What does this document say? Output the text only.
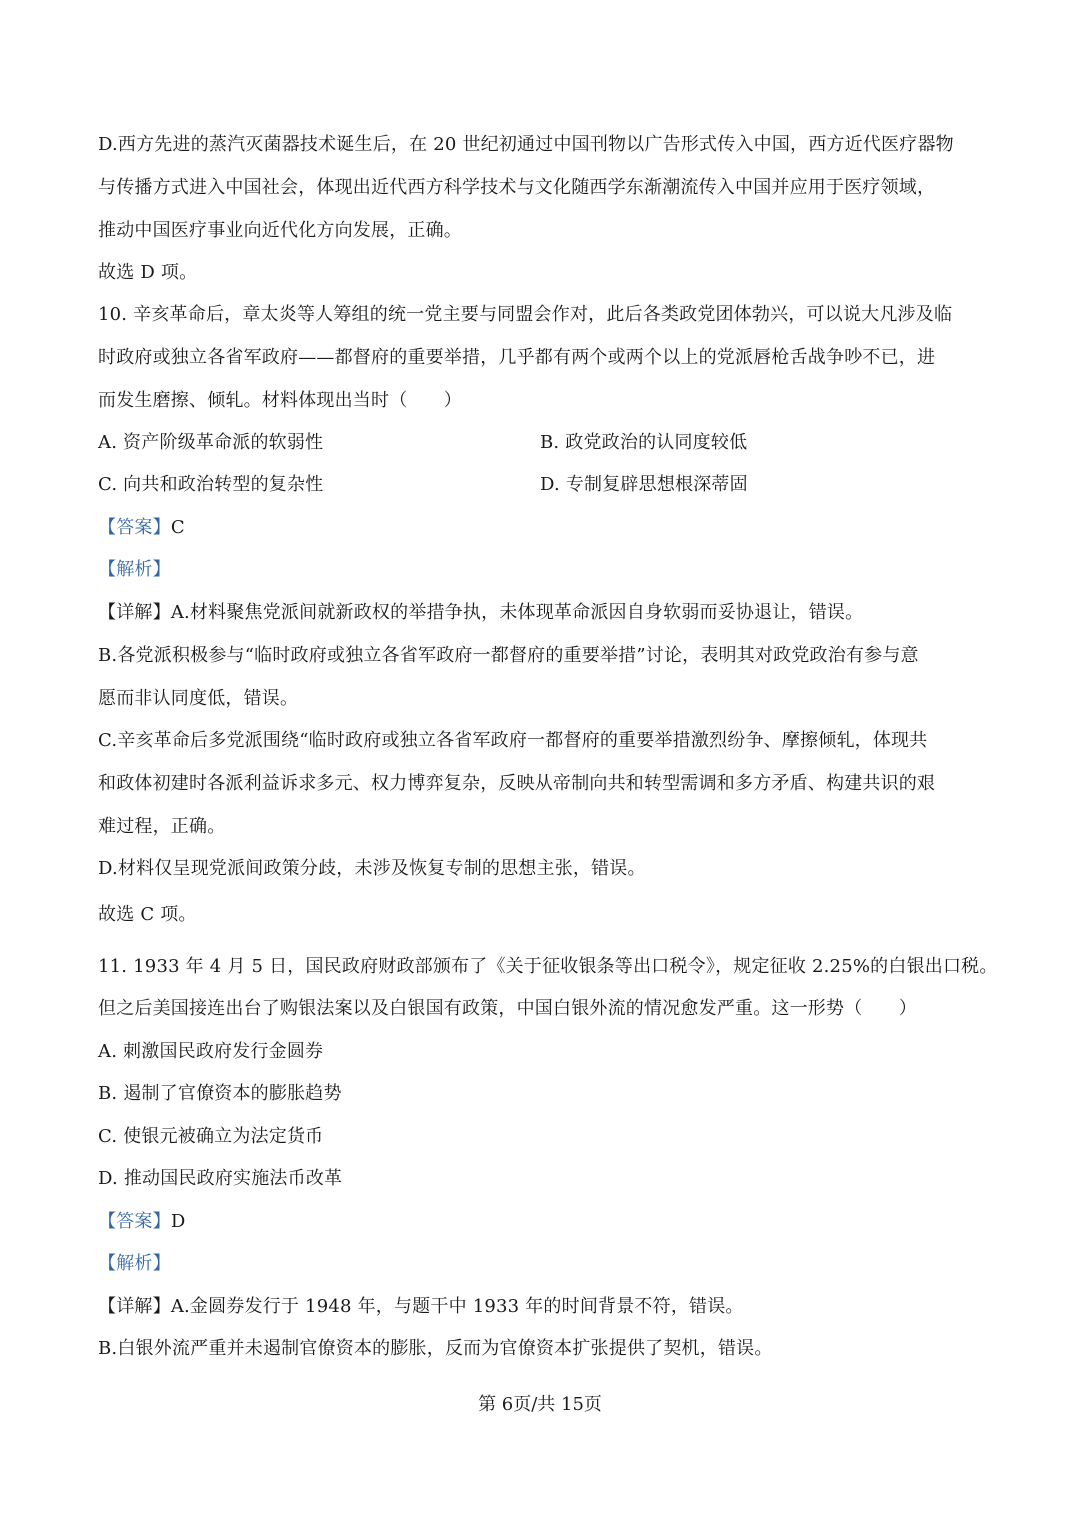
D.西方先进的蒸汽灭菌器技术诞生后，在 20 世纪初通过中国刊物以广告形式传入中国，西方近代医疗器物
与传播方式进入中国社会，体现出近代西方科学技术与文化随西学东渐潮流传入中国并应用于医疗领域，
推动中国医疗事业向近代化方向发展，正确。
故选 D 项。
10. 辛亥革命后，章太炎等人筹组的统一党主要与同盟会作对，此后各类政党团体勃兴，可以说大凡涉及临
时政府或独立各省军政府——都督府的重要举措，几乎都有两个或两个以上的党派唇枪舌战争吵不已，进
而发生磨擦、倾轧。材料体现出当时（　　）
A. 资产阶级革命派的软弱性	B. 政党政治的认同度较低
C. 向共和政治转型的复杂性	D. 专制复辟思想根深蒂固
【答案】C
【解析】
【详解】A.材料聚焦党派间就新政权的举措争执，未体现革命派因自身软弱而妥协退让，错误。
B.各党派积极参与“临时政府或独立各省军政府一都督府的重要举措”讨论，表明其对政党政治有参与意
愿而非认同度低，错误。
C.辛亥革命后多党派围绕“临时政府或独立各省军政府一都督府的重要举措激烈纷争、摩擦倾轧，体现共
和政体初建时各派利益诉求多元、权力博弈复杂，反映从帝制向共和转型需调和多方矛盾、构建共识的艰
难过程，正确。
D.材料仅呈现党派间政策分歧，未涉及恢复专制的思想主张，错误。
故选 C 项。
11. 1933 年 4 月 5 日，国民政府财政部颁布了《关于征收银条等出口税令》，规定征收 2.25%的白银出口税。
但之后美国接连出台了购银法案以及白银国有政策，中国白银外流的情况愈发严重。这一形势（　　）
A. 刺激国民政府发行金圆券
B. 遏制了官僚资本的膨胀趋势
C. 使银元被确立为法定货币
D. 推动国民政府实施法币改革
【答案】D
【解析】
【详解】A.金圆券发行于 1948 年，与题干中 1933 年的时间背景不符，错误。
B.白银外流严重并未遏制官僚资本的膨胀，反而为官僚资本扩张提供了契机，错误。
第 6页/共 15页
